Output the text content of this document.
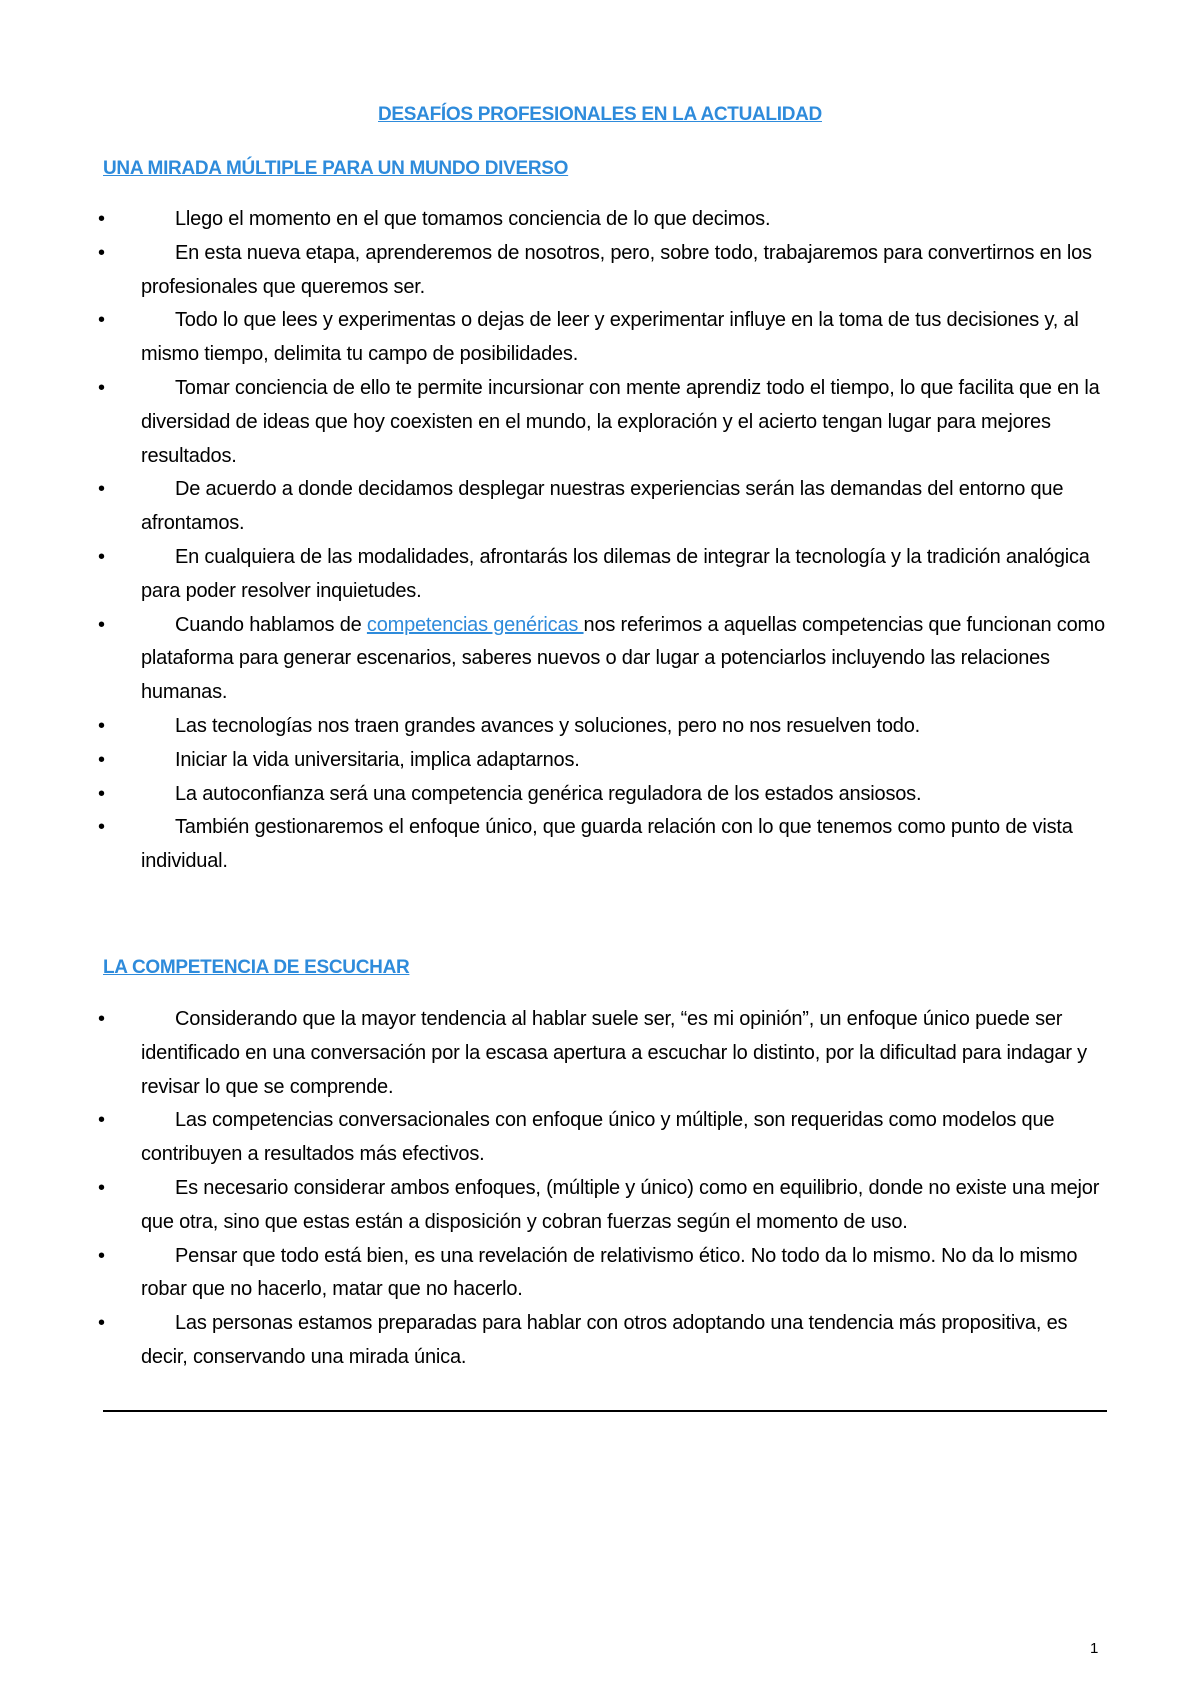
DESAFÍOS PROFESIONALES EN LA ACTUALIDAD
UNA MIRADA MÚLTIPLE PARA UN MUNDO DIVERSO
•	Llego el momento en el que tomamos conciencia de lo que decimos.
•	En esta nueva etapa, aprenderemos de nosotros, pero, sobre todo, trabajaremos para convertirnos en los profesionales que queremos ser.
•	Todo lo que lees y experimentas o dejas de leer y experimentar influye en la toma de tus decisiones y, al mismo tiempo, delimita tu campo de posibilidades.
•	Tomar conciencia de ello te permite incursionar con mente aprendiz todo el tiempo, lo que facilita que en la diversidad de ideas que hoy coexisten en el mundo, la exploración y el acierto tengan lugar para mejores resultados.
•	De acuerdo a donde decidamos desplegar nuestras experiencias serán las demandas del entorno que afrontamos.
•	En cualquiera de las modalidades, afrontarás los dilemas de integrar la tecnología y la tradición analógica para poder resolver inquietudes.
•	Cuando hablamos de competencias genéricas nos referimos a aquellas competencias que funcionan como plataforma para generar escenarios, saberes nuevos o dar lugar a potenciarlos incluyendo las relaciones humanas.
•	Las tecnologías nos traen grandes avances y soluciones, pero no nos resuelven todo.
•	Iniciar la vida universitaria, implica adaptarnos.
•	La autoconfianza será una competencia genérica reguladora de los estados ansiosos.
•	También gestionaremos el enfoque único, que guarda relación con lo que tenemos como punto de vista individual.
LA COMPETENCIA DE ESCUCHAR
•	Considerando que la mayor tendencia al hablar suele ser, “es mi opinión”, un enfoque único puede ser identificado en una conversación por la escasa apertura a escuchar lo distinto, por la dificultad para indagar y revisar lo que se comprende.
•	Las competencias conversacionales con enfoque único y múltiple, son requeridas como modelos que contribuyen a resultados más efectivos.
•	Es necesario considerar ambos enfoques, (múltiple y único) como en equilibrio, donde no existe una mejor que otra, sino que estas están a disposición y cobran fuerzas según el momento de uso.
•	Pensar que todo está bien, es una revelación de relativismo ético. No todo da lo mismo. No da lo mismo robar que no hacerlo, matar que no hacerlo.
•	Las personas estamos preparadas para hablar con otros adoptando una tendencia más propositiva, es decir, conservando una mirada única.
1
